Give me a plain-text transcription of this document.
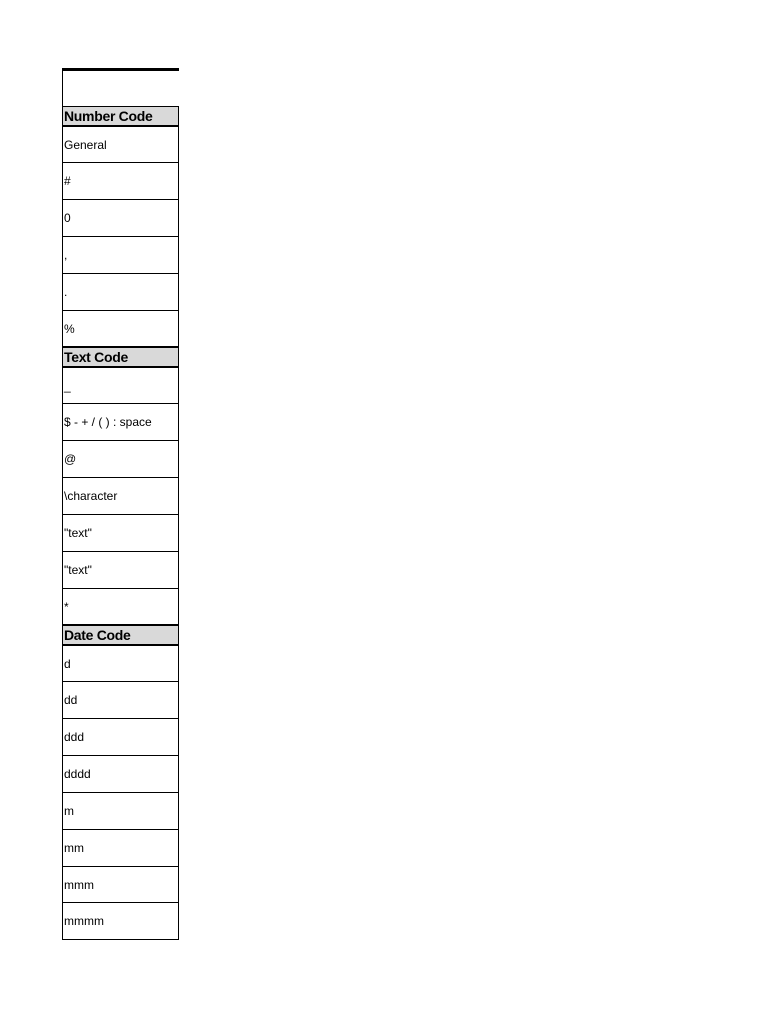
Number Code
General
#
0
,
.
%
Text Code
_
$ - + / ( ) : space
@
\character
"text"
"text"
*
Date Code
d
dd
ddd
dddd
m
mm
mmm
mmmm
